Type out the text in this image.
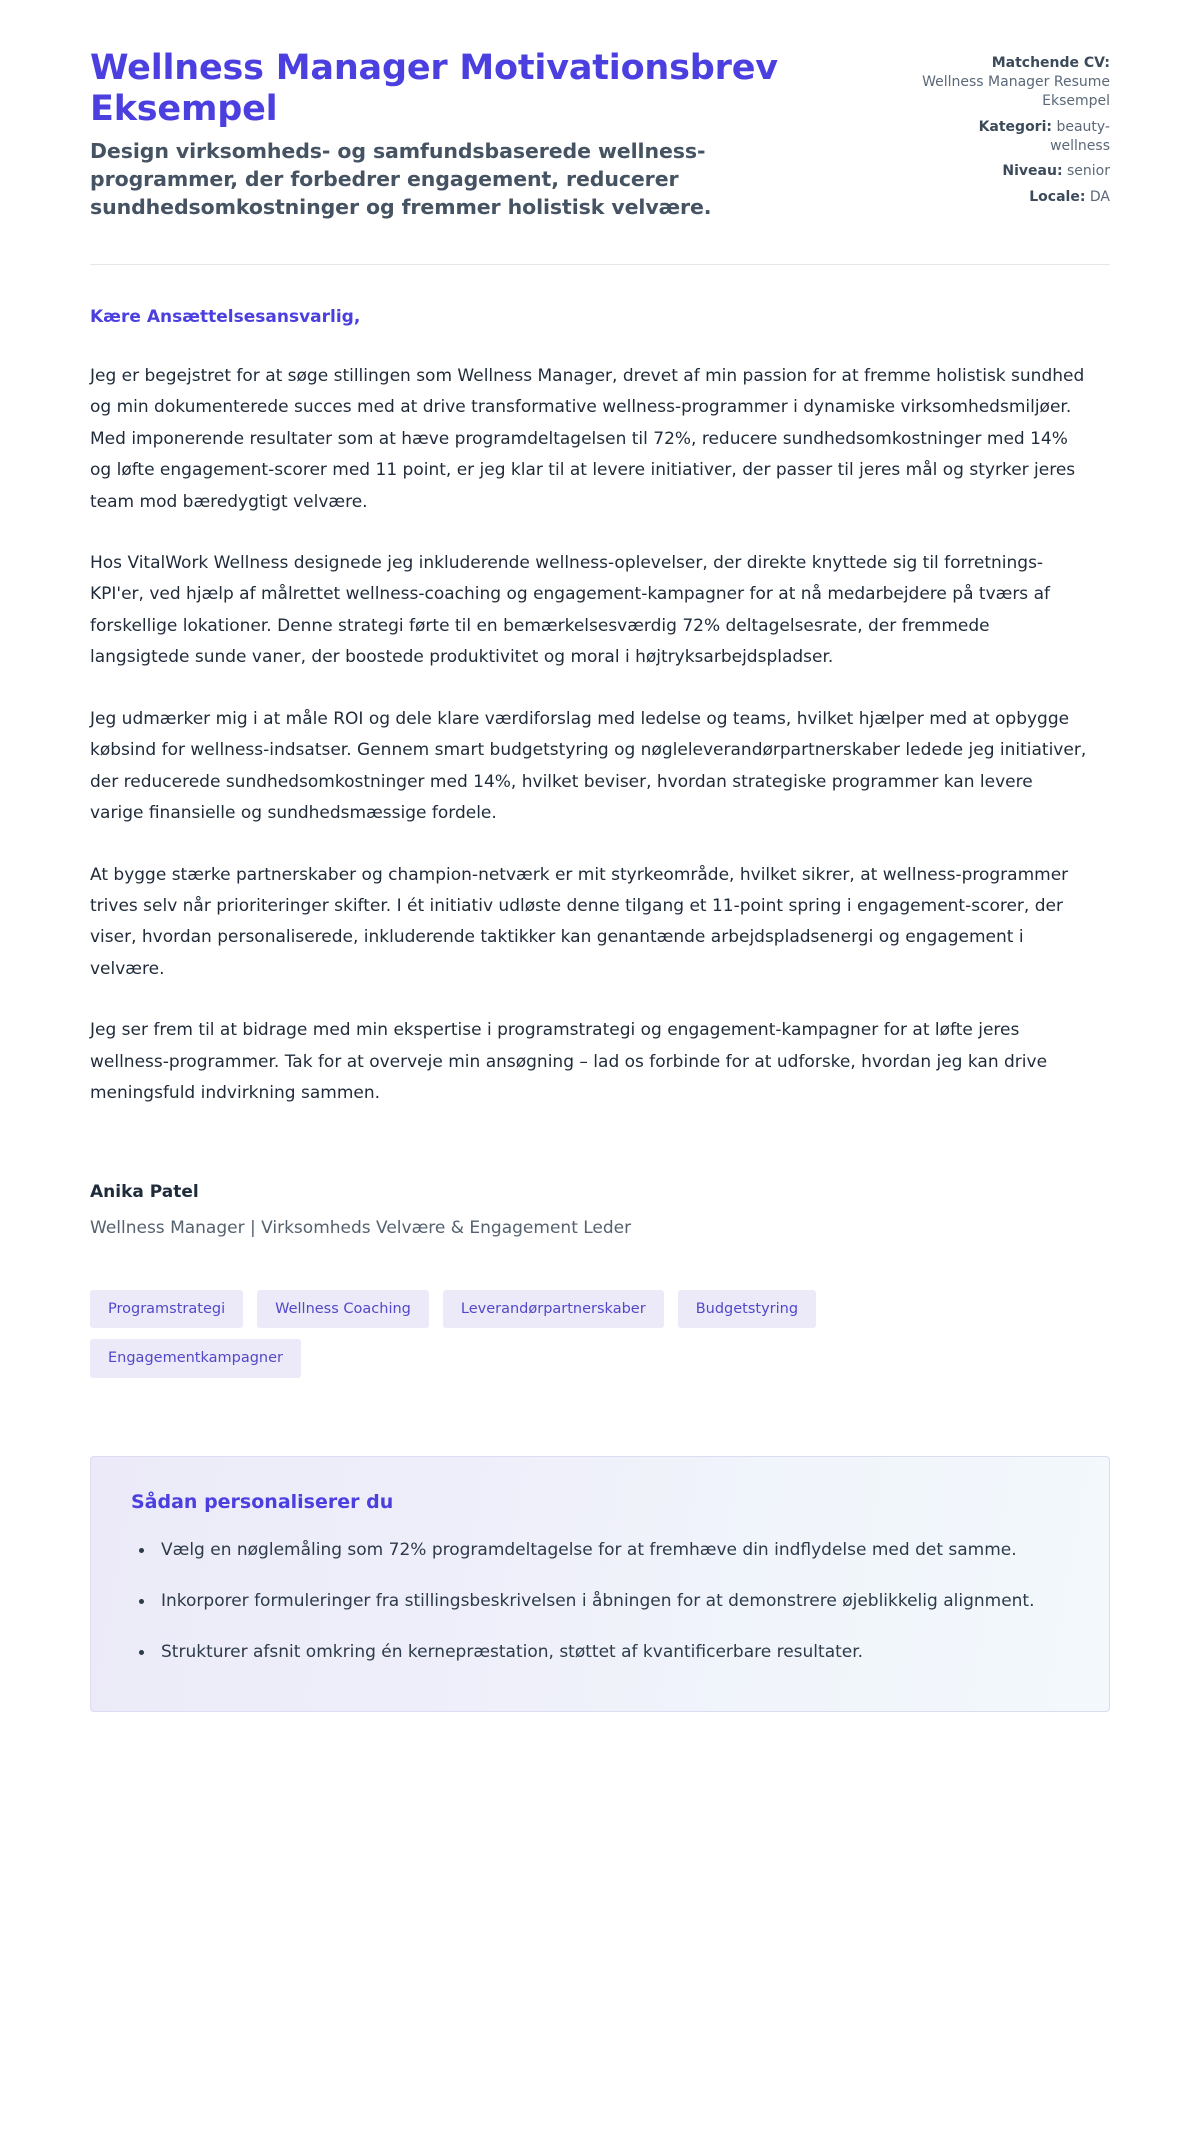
Wellness Manager Motivationsbrev Eksempel

Design virksomheds- og samfundsbaserede wellness-programmer, der forbedrer engagement, reducerer sundhedsomkostninger og fremmer holistisk velvære.

Matchende CV:
Wellness Manager Resume Eksempel
Kategori: beauty-wellness
Niveau: senior
Locale: DA

Kære Ansættelsesansvarlig,

Jeg er begejstret for at søge stillingen som Wellness Manager, drevet af min passion for at fremme holistisk sundhed og min dokumenterede succes med at drive transformative wellness-programmer i dynamiske virksomhedsmiljøer. Med imponerende resultater som at hæve programdeltagelsen til 72%, reducere sundhedsomkostninger med 14% og løfte engagement-scorer med 11 point, er jeg klar til at levere initiativer, der passer til jeres mål og styrker jeres team mod bæredygtigt velvære.

Hos VitalWork Wellness designede jeg inkluderende wellness-oplevelser, der direkte knyttede sig til forretnings-KPI'er, ved hjælp af målrettet wellness-coaching og engagement-kampagner for at nå medarbejdere på tværs af forskellige lokationer. Denne strategi førte til en bemærkelsesværdig 72% deltagelsesrate, der fremmede langsigtede sunde vaner, der boostede produktivitet og moral i højtryksarbejdspladser.

Jeg udmærker mig i at måle ROI og dele klare værdiforslag med ledelse og teams, hvilket hjælper med at opbygge købsind for wellness-indsatser. Gennem smart budgetstyring og nøgleleverandørpartnerskaber ledede jeg initiativer, der reducerede sundhedsomkostninger med 14%, hvilket beviser, hvordan strategiske programmer kan levere varige finansielle og sundhedsmæssige fordele.

At bygge stærke partnerskaber og champion-netværk er mit styrkeområde, hvilket sikrer, at wellness-programmer trives selv når prioriteringer skifter. I ét initiativ udløste denne tilgang et 11-point spring i engagement-scorer, der viser, hvordan personaliserede, inkluderende taktikker kan genantænde arbejdspladsenergi og engagement i velvære.

Jeg ser frem til at bidrage med min ekspertise i programstrategi og engagement-kampagner for at løfte jeres wellness-programmer. Tak for at overveje min ansøgning – lad os forbinde for at udforske, hvordan jeg kan drive meningsfuld indvirkning sammen.

Anika Patel

Wellness Manager | Virksomheds Velvære & Engagement Leder

Programstrategi	Wellness Coaching	Leverandørpartnerskaber	Budgetstyring
Engagementkampagner
Sådan personaliserer du
Vælg en nøglemåling som 72% programdeltagelse for at fremhæve din indflydelse med det samme.
Inkorporer formuleringer fra stillingsbeskrivelsen i åbningen for at demonstrere øjeblikkelig alignment.
Strukturer afsnit omkring én kernepræstation, støttet af kvantificerbare resultater.
